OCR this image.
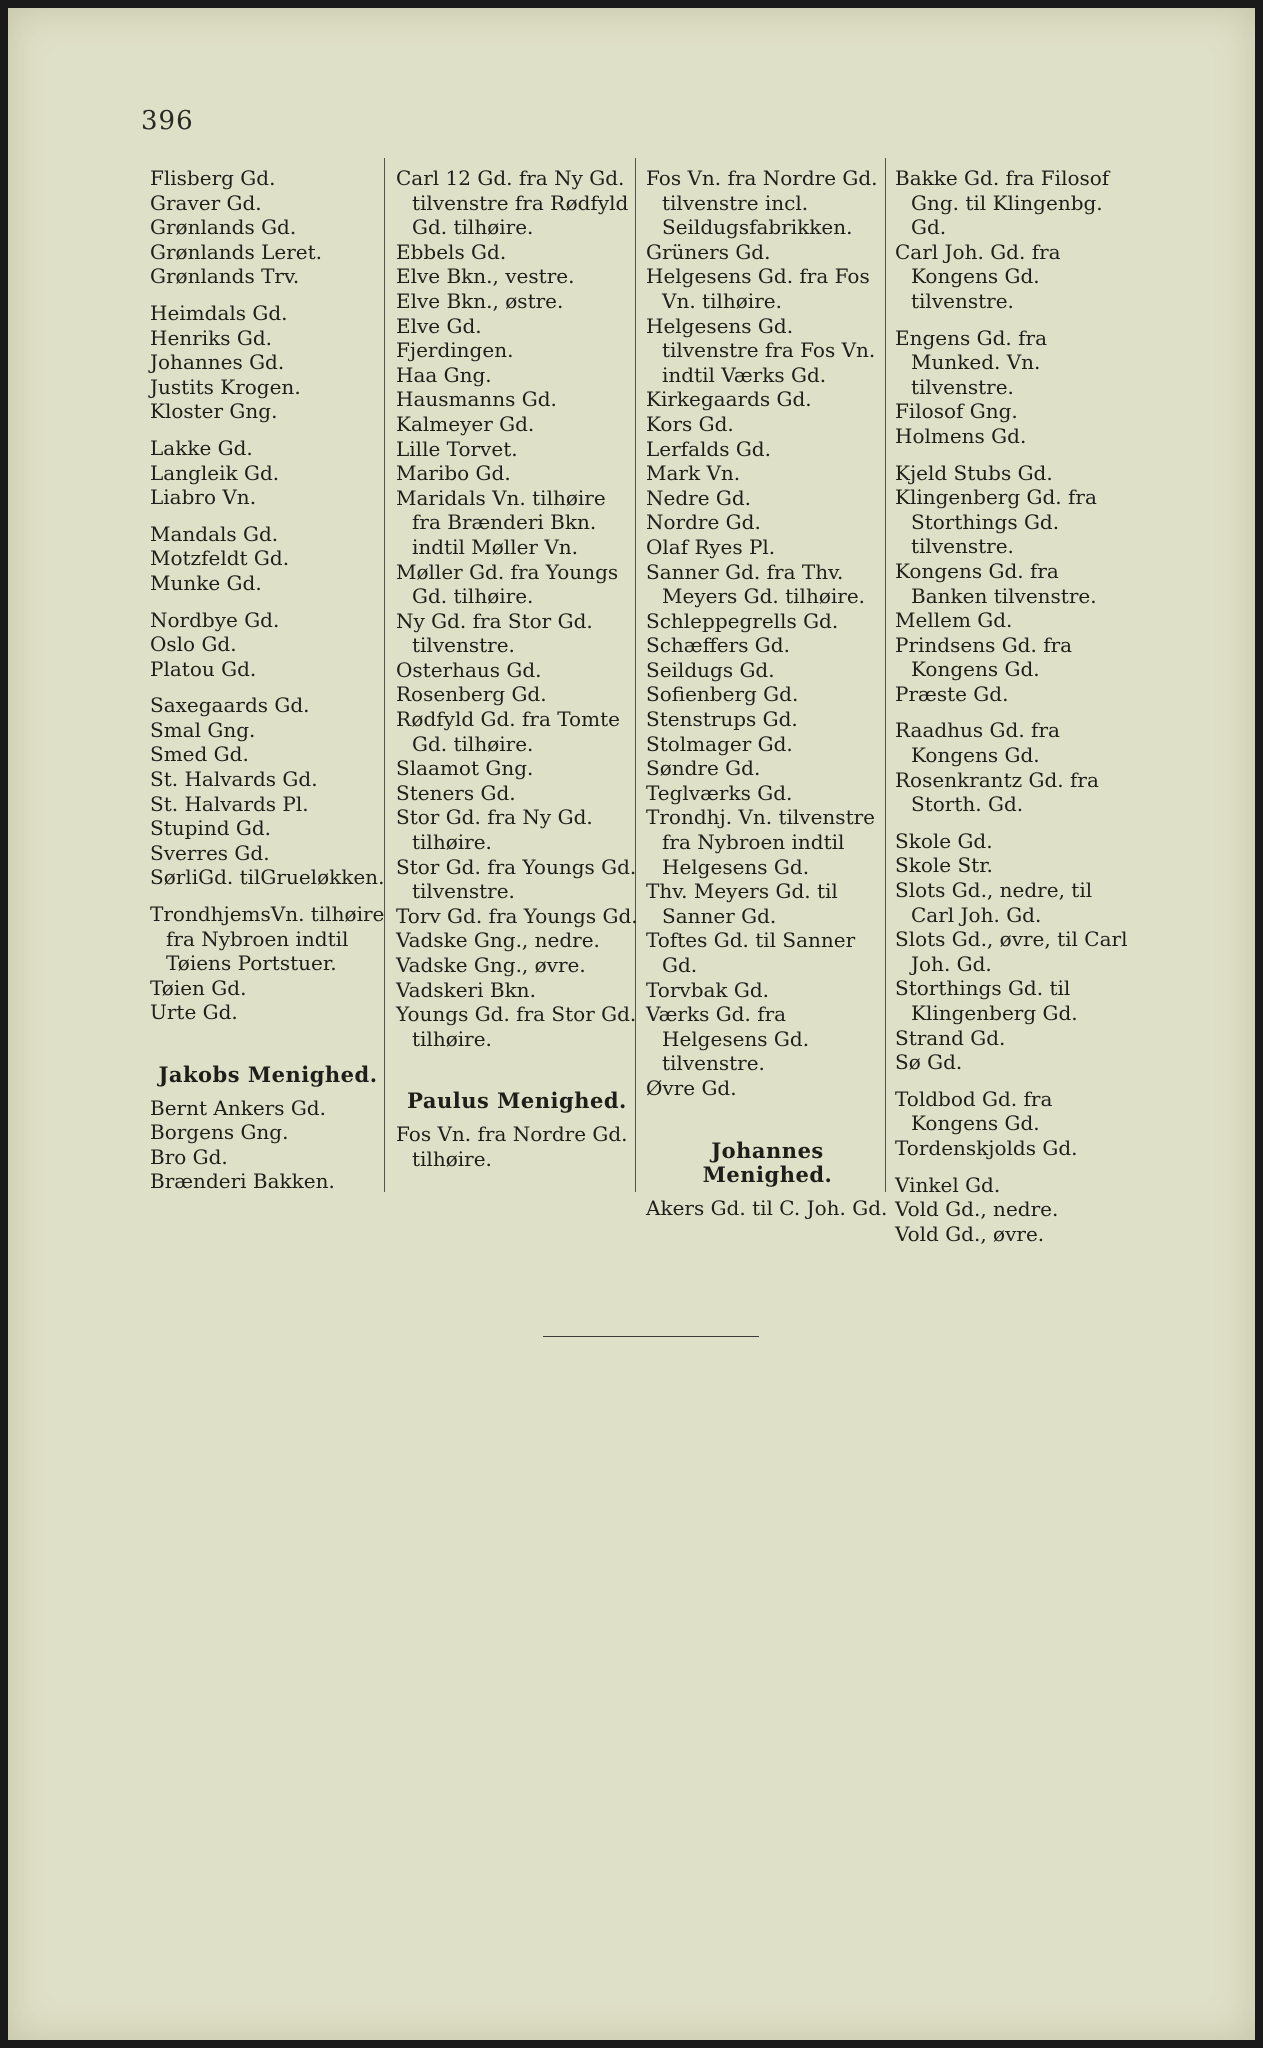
396
Flisberg Gd.
Graver Gd.
Grønlands Gd.
Grønlands Leret.
Grønlands Trv.
Heimdals Gd.
Henriks Gd.
Johannes Gd.
Justits Krogen.
Kloster Gng.
Lakke Gd.
Langleik Gd.
Liabro Vn.
Mandals Gd.
Motzfeldt Gd.
Munke Gd.
Nordbye Gd.
Oslo Gd.
Platou Gd.
Saxegaards Gd.
Smal Gng.
Smed Gd.
St. Halvards Gd.
St. Halvards Pl.
Stupind Gd.
Sverres Gd.
SørliGd. tilGrueløkken.
TrondhjemsVn. tilhøire fra Nybroen indtil Tøiens Portstuer.
Tøien Gd.
Urte Gd.
Jakobs Menighed.
Bernt Ankers Gd.
Borgens Gng.
Bro Gd.
Brænderi Bakken.
Carl 12 Gd. fra Ny Gd. tilvenstre fra Rødfyld Gd. tilhøire.
Ebbels Gd.
Elve Bkn., vestre.
Elve Bkn., østre.
Elve Gd.
Fjerdingen.
Haa Gng.
Hausmanns Gd.
Kalmeyer Gd.
Lille Torvet.
Maribo Gd.
Maridals Vn. tilhøire fra Brænderi Bkn. indtil Møller Vn.
Møller Gd. fra Youngs Gd. tilhøire.
Ny Gd. fra Stor Gd. tilvenstre.
Osterhaus Gd.
Rosenberg Gd.
Rødfyld Gd. fra Tomte Gd. tilhøire.
Slaamot Gng.
Steners Gd.
Stor Gd. fra Ny Gd. tilhøire.
Stor Gd. fra Youngs Gd. tilvenstre.
Torv Gd. fra Youngs Gd.
Vadske Gng., nedre.
Vadske Gng., øvre.
Vadskeri Bkn.
Youngs Gd. fra Stor Gd. tilhøire.
Paulus Menighed.
Fos Vn. fra Nordre Gd. tilhøire.
Fos Vn. fra Nordre Gd. tilvenstre incl. Seildugsfabrikken.
Grüners Gd.
Helgesens Gd. fra Fos Vn. tilhøire.
Helgesens Gd. tilvenstre fra Fos Vn. indtil Værks Gd.
Kirkegaards Gd.
Kors Gd.
Lerfalds Gd.
Mark Vn.
Nedre Gd.
Nordre Gd.
Olaf Ryes Pl.
Sanner Gd. fra Thv. Meyers Gd. tilhøire.
Schleppegrells Gd.
Schæffers Gd.
Seildugs Gd.
Sofienberg Gd.
Stenstrups Gd.
Stolmager Gd.
Søndre Gd.
Teglværks Gd.
Trondhj. Vn. tilvenstre fra Nybroen indtil Helgesens Gd.
Thv. Meyers Gd. til Sanner Gd.
Toftes Gd. til Sanner Gd.
Torvbak Gd.
Værks Gd. fra Helgesens Gd. tilvenstre.
Øvre Gd.
Johannes Menighed.
Akers Gd. til C. Joh. Gd.
Bakke Gd. fra Filosof Gng. til Klingenbg. Gd.
Carl Joh. Gd. fra Kongens Gd. tilvenstre.
Engens Gd. fra Munked. Vn. tilvenstre.
Filosof Gng.
Holmens Gd.
Kjeld Stubs Gd.
Klingenberg Gd. fra Storthings Gd. tilvenstre.
Kongens Gd. fra Banken tilvenstre.
Mellem Gd.
Prindsens Gd. fra Kongens Gd.
Præste Gd.
Raadhus Gd. fra Kongens Gd.
Rosenkrantz Gd. fra Storth. Gd.
Skole Gd.
Skole Str.
Slots Gd., nedre, til Carl Joh. Gd.
Slots Gd., øvre, til Carl Joh. Gd.
Storthings Gd. til Klingenberg Gd.
Strand Gd.
Sø Gd.
Toldbod Gd. fra Kongens Gd.
Tordenskjolds Gd.
Vinkel Gd.
Vold Gd., nedre.
Vold Gd., øvre.
